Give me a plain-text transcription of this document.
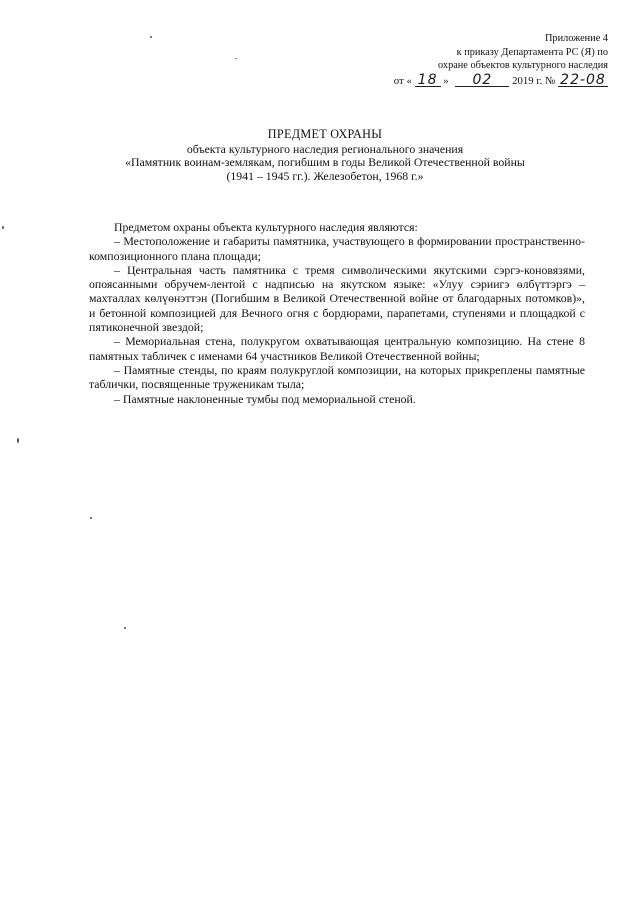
Приложение 4
к приказу Департамента РС (Я) по
охране объектов культурного наследия
от « 18 » 02 2019 г. № 22-08
ПРЕДМЕТ ОХРАНЫ
объекта культурного наследия регионального значения
«Памятник воинам-землякам, погибшим в годы Великой Отечественной войны
(1941 – 1945 гг.). Железобетон, 1968 г.»

Предметом охраны объекта культурного наследия являются:

– Местоположение и габариты памятника, участвующего в формировании пространственно-композиционного плана площади;

– Центральная часть памятника с тремя символическими якутскими сэргэ-коновязями, опоясанными обручем-лентой с надписью на якутском языке: «Улуу сэриигэ өлбүттэргэ – махталлах көлүөнэттэн (Погибшим в Великой Отечественной войне от благодарных потомков)», и бетонной композицией для Вечного огня с бордюрами, парапетами, ступенями и площадкой с пятиконечной звездой;

– Мемориальная стена, полукругом охватывающая центральную композицию. На стене 8 памятных табличек с именами 64 участников Великой Отечественной войны;

– Памятные стенды, по краям полукруглой композиции, на которых прикреплены памятные таблички, посвященные труженикам тыла;

– Памятные наклоненные тумбы под мемориальной стеной.
